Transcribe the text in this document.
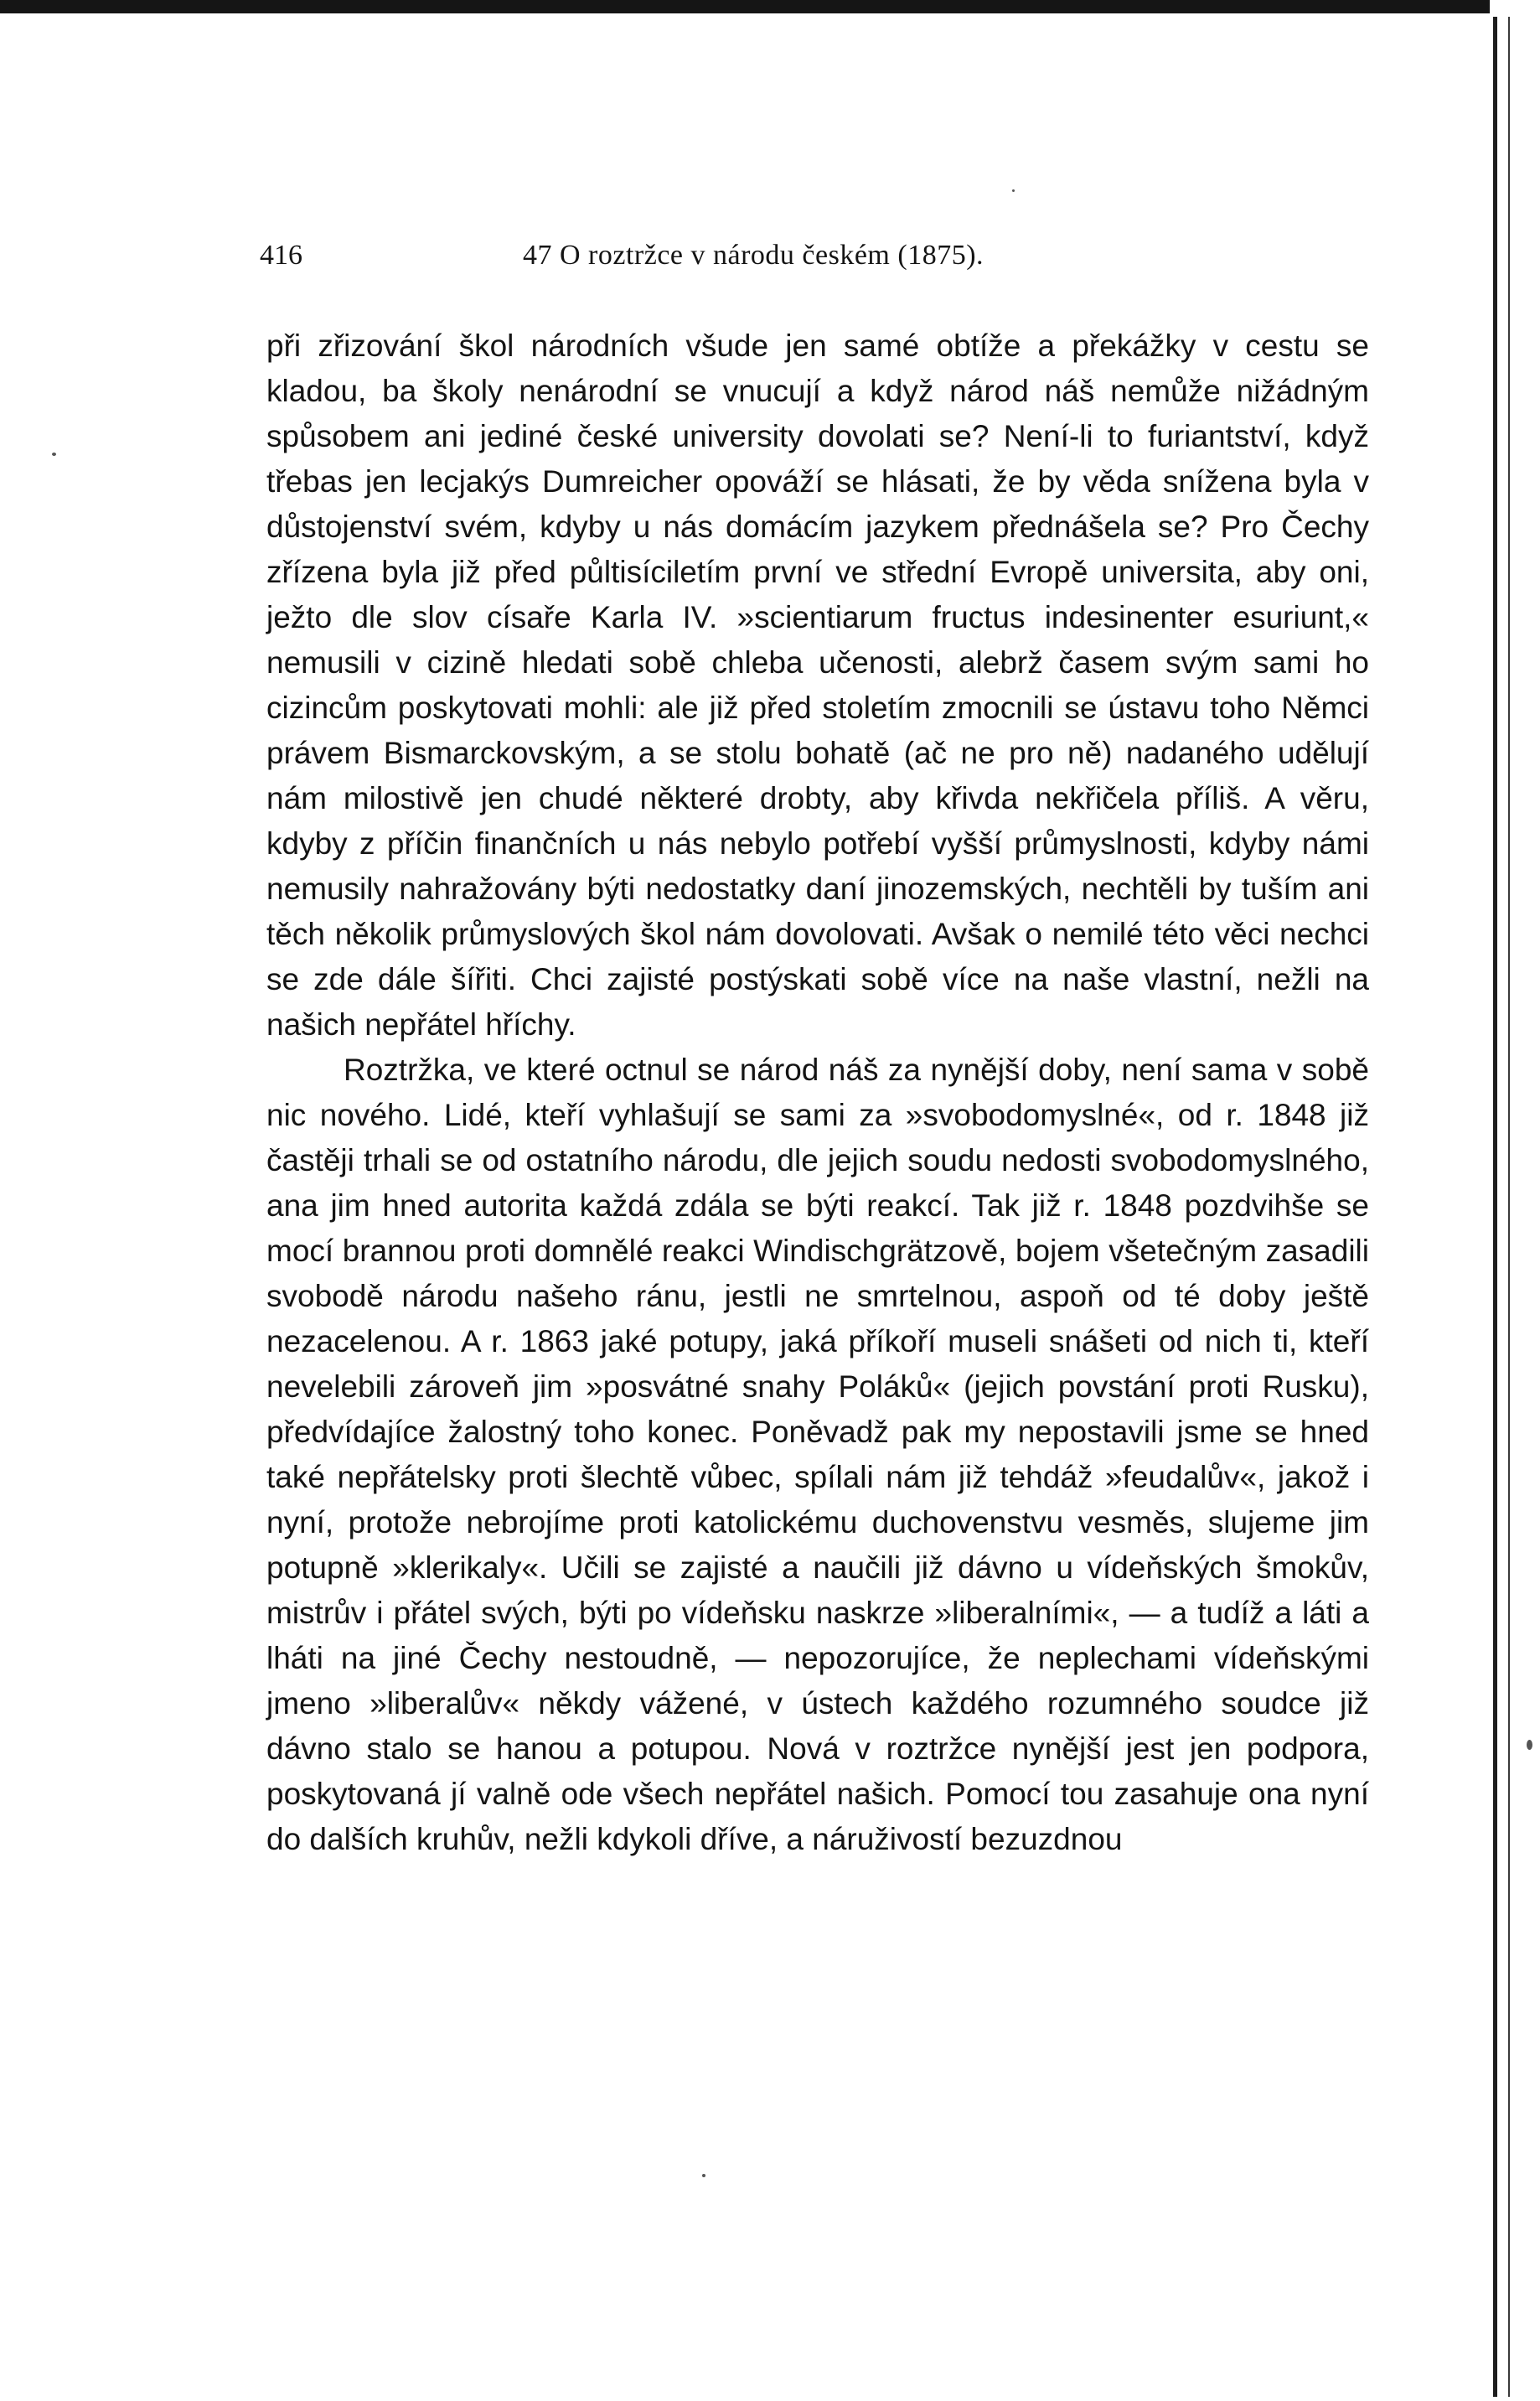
416	47 O roztržce v národu českém (1875).

při zřizování škol národních všude jen samé obtíže a překážky v cestu se kladou, ba školy nenárodní se vnucují a když národ náš nemůže nižádným spůsobem ani jediné české university dovolati se? Není-li to furiantství, když třebas jen lecjakýs Dumreicher opováží se hlásati, že by věda snížena byla v důstojenství svém, kdyby u nás domácím jazykem přednášela se? Pro Čechy zřízena byla již před půltisíciletím první ve střední Evropě universita, aby oni, ježto dle slov císaře Karla IV. »scientiarum fructus indesinenter esuriunt,« nemusili v cizině hledati sobě chleba učenosti, alebrž časem svým sami ho cizincům poskytovati mohli: ale již před stoletím zmocnili se ústavu toho Němci právem Bismarckovským, a se stolu bohatě (ač ne pro ně) nadaného udělují nám milostivě jen chudé některé drobty, aby křivda nekřičela příliš. A věru, kdyby z příčin finančních u nás nebylo potřebí vyšší průmyslnosti, kdyby námi nemusily nahražovány býti nedostatky daní jinozemských, nechtěli by tuším ani těch několik průmyslových škol nám dovolovati. Avšak o nemilé této věci nechci se zde dále šířiti. Chci zajisté postýskati sobě více na naše vlastní, nežli na našich nepřátel hříchy.

Roztržka, ve které octnul se národ náš za nynější doby, není sama v sobě nic nového. Lidé, kteří vyhlašují se sami za »svobodomyslné«, od r. 1848 již častěji trhali se od ostatního národu, dle jejich soudu nedosti svobodomyslného, ana jim hned autorita každá zdála se býti reakcí. Tak již r. 1848 pozdvihše se mocí brannou proti domnělé reakci Windischgrätzově, bojem všetečným zasadili svobodě národu našeho ránu, jestli ne smrtelnou, aspoň od té doby ještě nezacelenou. A r. 1863 jaké potupy, jaká příkoří museli snášeti od nich ti, kteří nevelebili zároveň jim »posvátné snahy Poláků« (jejich povstání proti Rusku), předvídajíce žalostný toho konec. Poněvadž pak my nepostavili jsme se hned také nepřátelsky proti šlechtě vůbec, spílali nám již tehdáž »feudalův«, jakož i nyní, protože nebrojíme proti katolickému duchovenstvu vesměs, slujeme jim potupně »klerikaly«. Učili se zajisté a naučili již dávno u vídeňských šmokův, mistrův i přátel svých, býti po vídeňsku naskrze »liberalními«, — a tudíž a láti a lháti na jiné Čechy nestoudně, — nepozorujíce, že neplechami vídeňskými jmeno »liberalův« někdy vážené, v ústech každého rozumného soudce již dávno stalo se hanou a potupou. Nová v roztržce nynější jest jen podpora, poskytovaná jí valně ode všech nepřátel našich. Pomocí tou zasahuje ona nyní do dalších kruhův, nežli kdykoli dříve, a náruživostí bezuzdnou
